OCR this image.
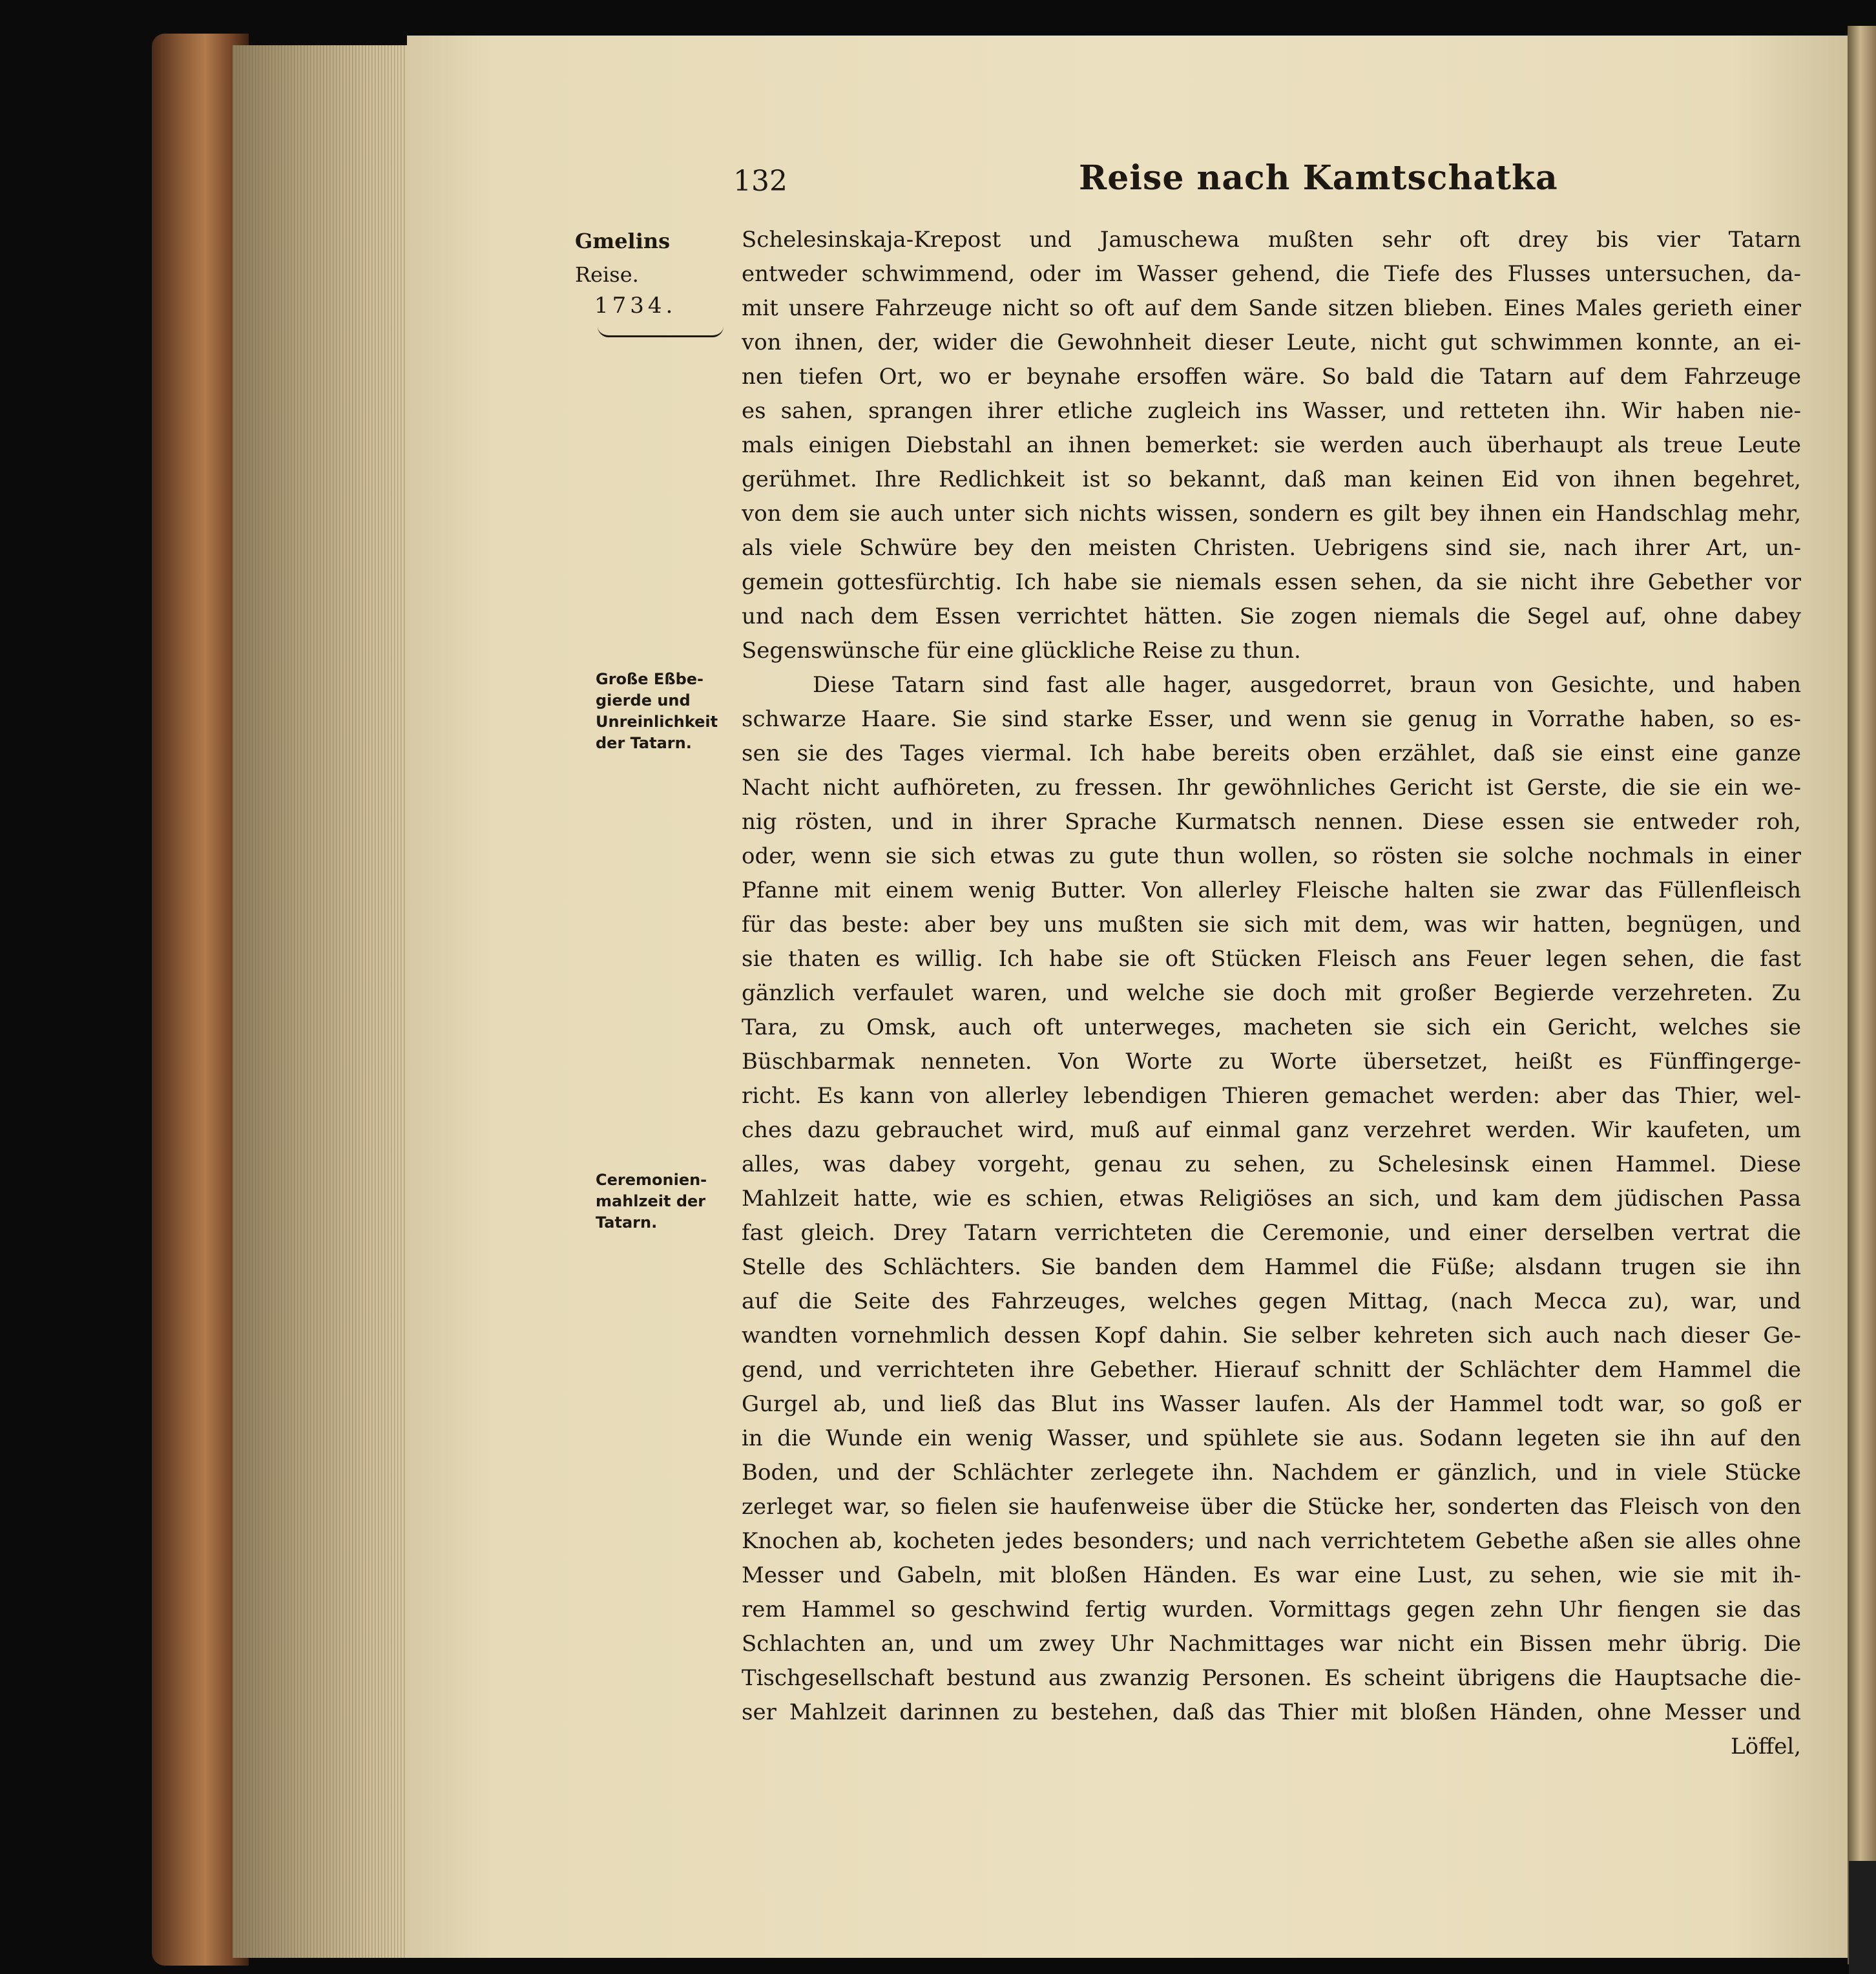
132	Reise nach Kamtschatka
Gmelins
Reise.
1734.
Große Eßbe-
gierde und
Unreinlichkeit
der Tatarn.
Ceremonien-
mahlzeit der
Tatarn.
Schelesinskaja-Krepost und Jamuschewa mußten sehr oft drey bis vier Tatarn
entweder schwimmend, oder im Wasser gehend, die Tiefe des Flusses untersuchen, da-
mit unsere Fahrzeuge nicht so oft auf dem Sande sitzen blieben. Eines Males gerieth einer
von ihnen, der, wider die Gewohnheit dieser Leute, nicht gut schwimmen konnte, an ei-
nen tiefen Ort, wo er beynahe ersoffen wäre. So bald die Tatarn auf dem Fahrzeuge
es sahen, sprangen ihrer etliche zugleich ins Wasser, und retteten ihn. Wir haben nie-
mals einigen Diebstahl an ihnen bemerket: sie werden auch überhaupt als treue Leute
gerühmet. Ihre Redlichkeit ist so bekannt, daß man keinen Eid von ihnen begehret,
von dem sie auch unter sich nichts wissen, sondern es gilt bey ihnen ein Handschlag mehr,
als viele Schwüre bey den meisten Christen. Uebrigens sind sie, nach ihrer Art, un-
gemein gottesfürchtig. Ich habe sie niemals essen sehen, da sie nicht ihre Gebether vor
und nach dem Essen verrichtet hätten. Sie zogen niemals die Segel auf, ohne dabey
Segenswünsche für eine glückliche Reise zu thun.
Diese Tatarn sind fast alle hager, ausgedorret, braun von Gesichte, und haben
schwarze Haare. Sie sind starke Esser, und wenn sie genug in Vorrathe haben, so es-
sen sie des Tages viermal. Ich habe bereits oben erzählet, daß sie einst eine ganze
Nacht nicht aufhöreten, zu fressen. Ihr gewöhnliches Gericht ist Gerste, die sie ein we-
nig rösten, und in ihrer Sprache Kurmatsch nennen. Diese essen sie entweder roh,
oder, wenn sie sich etwas zu gute thun wollen, so rösten sie solche nochmals in einer
Pfanne mit einem wenig Butter. Von allerley Fleische halten sie zwar das Füllenfleisch
für das beste: aber bey uns mußten sie sich mit dem, was wir hatten, begnügen, und
sie thaten es willig. Ich habe sie oft Stücken Fleisch ans Feuer legen sehen, die fast
gänzlich verfaulet waren, und welche sie doch mit großer Begierde verzehreten. Zu
Tara, zu Omsk, auch oft unterweges, macheten sie sich ein Gericht, welches sie
Büschbarmak nenneten. Von Worte zu Worte übersetzet, heißt es Fünffingerge-
richt. Es kann von allerley lebendigen Thieren gemachet werden: aber das Thier, wel-
ches dazu gebrauchet wird, muß auf einmal ganz verzehret werden. Wir kaufeten, um
alles, was dabey vorgeht, genau zu sehen, zu Schelesinsk einen Hammel. Diese
Mahlzeit hatte, wie es schien, etwas Religiöses an sich, und kam dem jüdischen Passa
fast gleich. Drey Tatarn verrichteten die Ceremonie, und einer derselben vertrat die
Stelle des Schlächters. Sie banden dem Hammel die Füße; alsdann trugen sie ihn
auf die Seite des Fahrzeuges, welches gegen Mittag, (nach Mecca zu), war, und
wandten vornehmlich dessen Kopf dahin. Sie selber kehreten sich auch nach dieser Ge-
gend, und verrichteten ihre Gebether. Hierauf schnitt der Schlächter dem Hammel die
Gurgel ab, und ließ das Blut ins Wasser laufen. Als der Hammel todt war, so goß er
in die Wunde ein wenig Wasser, und spühlete sie aus. Sodann legeten sie ihn auf den
Boden, und der Schlächter zerlegete ihn. Nachdem er gänzlich, und in viele Stücke
zerleget war, so fielen sie haufenweise über die Stücke her, sonderten das Fleisch von den
Knochen ab, kocheten jedes besonders; und nach verrichtetem Gebethe aßen sie alles ohne
Messer und Gabeln, mit bloßen Händen. Es war eine Lust, zu sehen, wie sie mit ih-
rem Hammel so geschwind fertig wurden. Vormittags gegen zehn Uhr fiengen sie das
Schlachten an, und um zwey Uhr Nachmittages war nicht ein Bissen mehr übrig. Die
Tischgesellschaft bestund aus zwanzig Personen. Es scheint übrigens die Hauptsache die-
ser Mahlzeit darinnen zu bestehen, daß das Thier mit bloßen Händen, ohne Messer und
Löffel,
